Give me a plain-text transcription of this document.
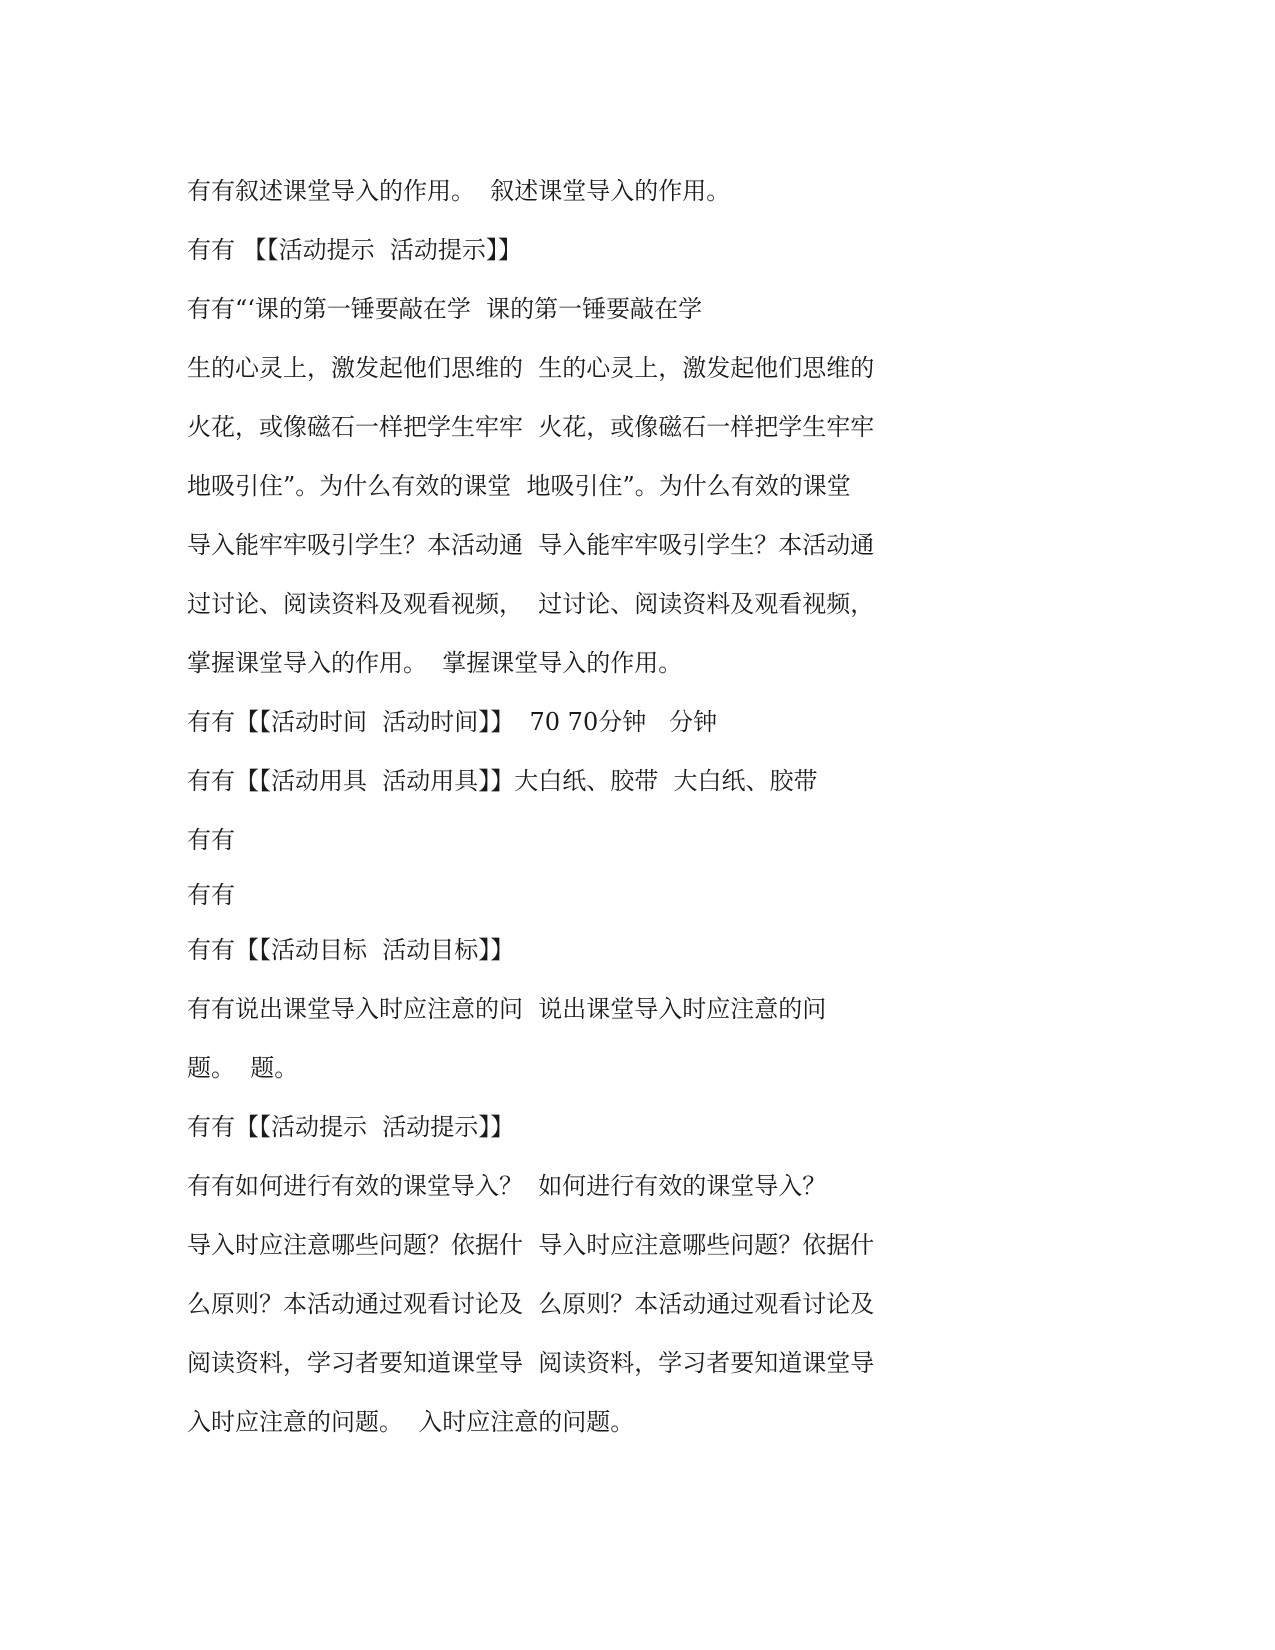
有有叙述课堂导入的作用。  叙述课堂导入的作用。
有有 【【活动提示  活动提示】】
有有“‘课的第一锤要敲在学  课的第一锤要敲在学
生的心灵上，激发起他们思维的  生的心灵上，激发起他们思维的
火花，或像磁石一样把学生牢牢  火花，或像磁石一样把学生牢牢
地吸引住”。为什么有效的课堂  地吸引住”。为什么有效的课堂
导入能牢牢吸引学生？本活动通  导入能牢牢吸引学生？本活动通
过讨论、阅读资料及观看视频，  过讨论、阅读资料及观看视频，
掌握课堂导入的作用。  掌握课堂导入的作用。
有有【【活动时间  活动时间】】  70 70分钟   分钟
有有【【活动用具  活动用具】】大白纸、胶带  大白纸、胶带
有有
有有
有有【【活动目标  活动目标】】
有有说出课堂导入时应注意的问  说出课堂导入时应注意的问
题。  题。
有有【【活动提示  活动提示】】
有有如何进行有效的课堂导入？  如何进行有效的课堂导入？
导入时应注意哪些问题？依据什  导入时应注意哪些问题？依据什
么原则？本活动通过观看讨论及  么原则？本活动通过观看讨论及
阅读资料，学习者要知道课堂导  阅读资料，学习者要知道课堂导
入时应注意的问题。  入时应注意的问题。
